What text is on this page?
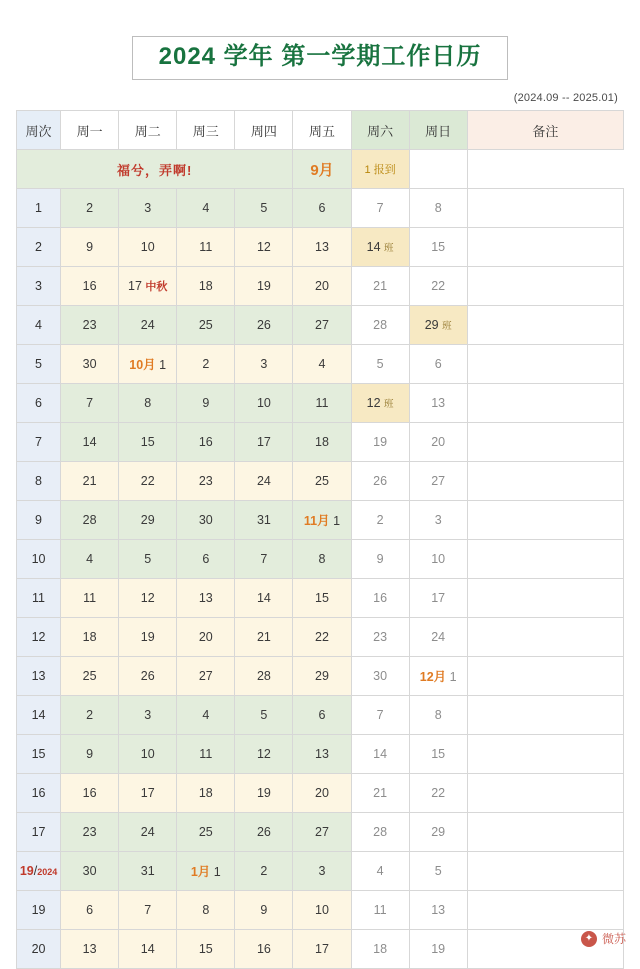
2024 学年 第一学期工作日历
(2024.09 -- 2025.01)
周次	周一	周二	周三	周四	周五	周六	周日	备注
福兮，弄啊!					9月	1 报到		
1	2	3	4	5	6	7	8	
2	9	10	11	12	13	14 班	15	
3	16	17 中秋	18	19	20	21	22	
4	23	24	25	26	27	28	29 班	
5	30	10月 1	2	3	4	5	6	
6	7	8	9	10	11	12 班	13	
7	14	15	16	17	18	19	20	
8	21	22	23	24	25	26	27	
9	28	29	30	31	11月 1	2	3	
10	4	5	6	7	8	9	10	
11	11	12	13	14	15	16	17	
12	18	19	20	21	22	23	24	
13	25	26	27	28	29	30	12月 1	
14	2	3	4	5	6	7	8	
15	9	10	11	12	13	14	15	
16	16	17	18	19	20	21	22	
17	23	24	25	26	27	28	29	
19/2024	30	31	1月 1	2	3	4	5	
19	6	7	8	9	10	11	13	
20	13	14	15	16	17	18	19	
✦ 微苏
